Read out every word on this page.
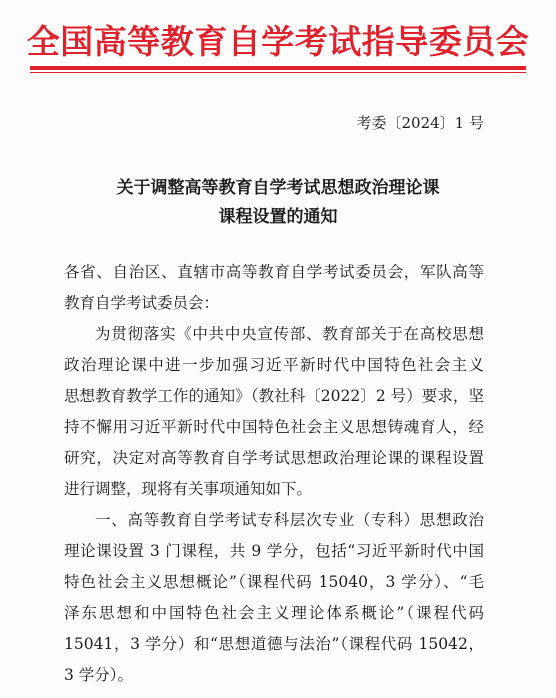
全国高等教育自学考试指导委员会
考委〔2024〕1 号
关于调整高等教育自学考试思想政治理论课
课程设置的通知
各省、自治区、直辖市高等教育自学考试委员会，军队高等
教育自学考试委员会：
为贯彻落实《中共中央宣传部、教育部关于在高校思想
政治理论课中进一步加强习近平新时代中国特色社会主义
思想教育教学工作的通知》（教社科〔2022〕2 号）要求，坚
持不懈用习近平新时代中国特色社会主义思想铸魂育人，经
研究，决定对高等教育自学考试思想政治理论课的课程设置
进行调整，现将有关事项通知如下。
一、高等教育自学考试专科层次专业（专科）思想政治
理论课设置 3 门课程，共 9 学分，包括“习近平新时代中国
特色社会主义思想概论”（课程代码 15040，3 学分）、“毛
泽东思想和中国特色社会主义理论体系概论”（课程代码
15041，3 学分）和“思想道德与法治”（课程代码 15042，
3 学分）。
